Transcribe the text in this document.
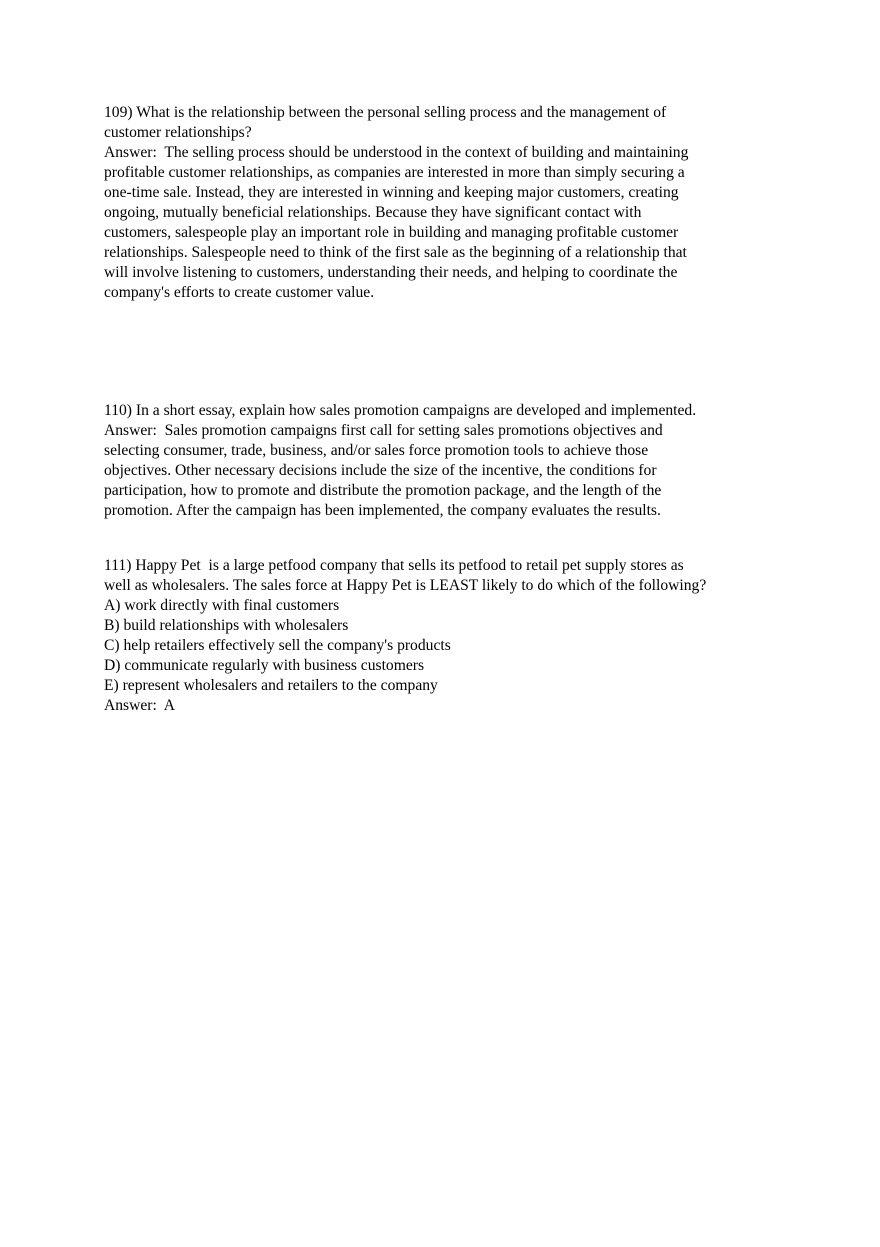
109) What is the relationship between the personal selling process and the management of
customer relationships?
Answer:  The selling process should be understood in the context of building and maintaining
profitable customer relationships, as companies are interested in more than simply securing a
one-time sale. Instead, they are interested in winning and keeping major customers, creating
ongoing, mutually beneficial relationships. Because they have significant contact with
customers, salespeople play an important role in building and managing profitable customer
relationships. Salespeople need to think of the first sale as the beginning of a relationship that
will involve listening to customers, understanding their needs, and helping to coordinate the
company's efforts to create customer value.
110) In a short essay, explain how sales promotion campaigns are developed and implemented.
Answer:  Sales promotion campaigns first call for setting sales promotions objectives and
selecting consumer, trade, business, and/or sales force promotion tools to achieve those
objectives. Other necessary decisions include the size of the incentive, the conditions for
participation, how to promote and distribute the promotion package, and the length of the
promotion. After the campaign has been implemented, the company evaluates the results.
111) Happy Pet  is a large petfood company that sells its petfood to retail pet supply stores as
well as wholesalers. The sales force at Happy Pet is LEAST likely to do which of the following?
A) work directly with final customers
B) build relationships with wholesalers
C) help retailers effectively sell the company's products
D) communicate regularly with business customers
E) represent wholesalers and retailers to the company
Answer:  A
